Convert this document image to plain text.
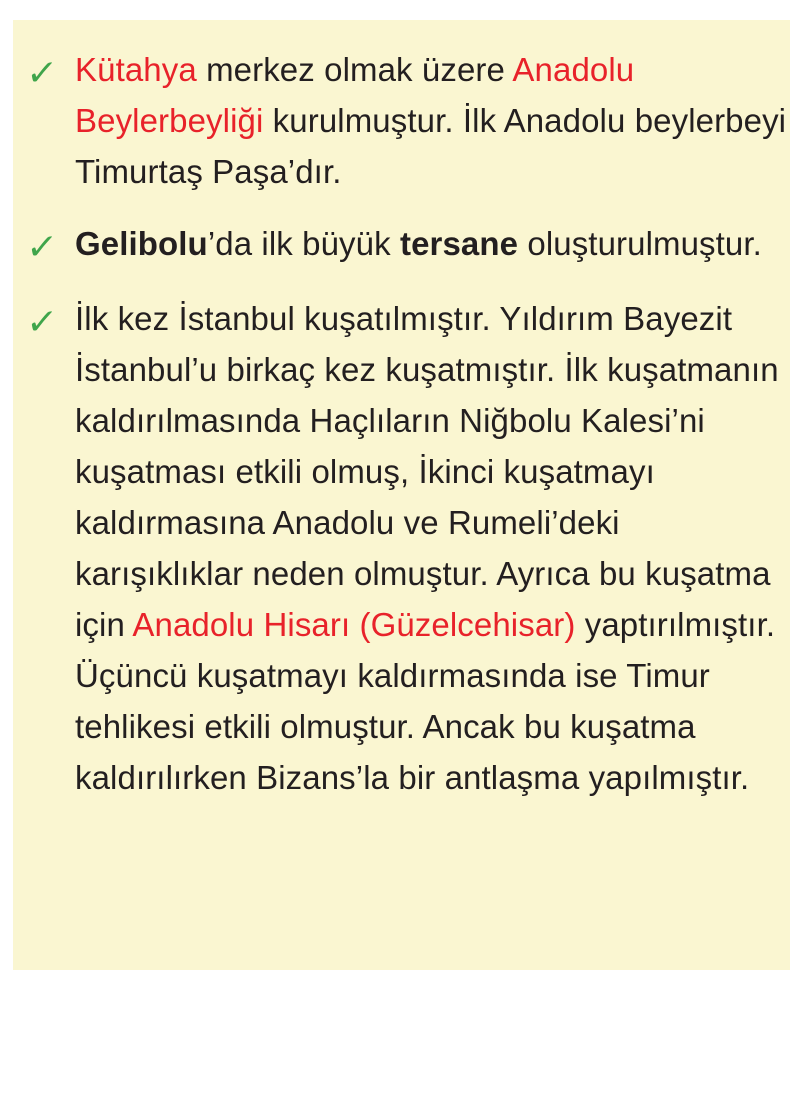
✓ Kütahya merkez olmak üzere Anadolu Beylerbeyliği kurulmuştur. İlk Anadolu beylerbeyi Timurtaş Paşa’dır.

✓ Gelibolu’da ilk büyük tersane oluşturulmuştur.

✓ İlk kez İstanbul kuşatılmıştır. Yıldırım Bayezit İstanbul’u birkaç kez kuşatmıştır. İlk kuşatmanın kaldırılmasında Haçlıların Niğbolu Kalesi’ni kuşatması etkili olmuş, İkinci kuşatmayı kaldırmasına Anadolu ve Rumeli’deki karışıklıklar neden olmuştur. Ayrıca bu kuşatma için Anadolu Hisarı (Güzelcehisar) yaptırılmıştır. Üçüncü kuşatmayı kaldırmasında ise Timur tehlikesi etkili olmuştur. Ancak bu kuşatma kaldırılırken Bizans’la bir antlaşma yapılmıştır.
